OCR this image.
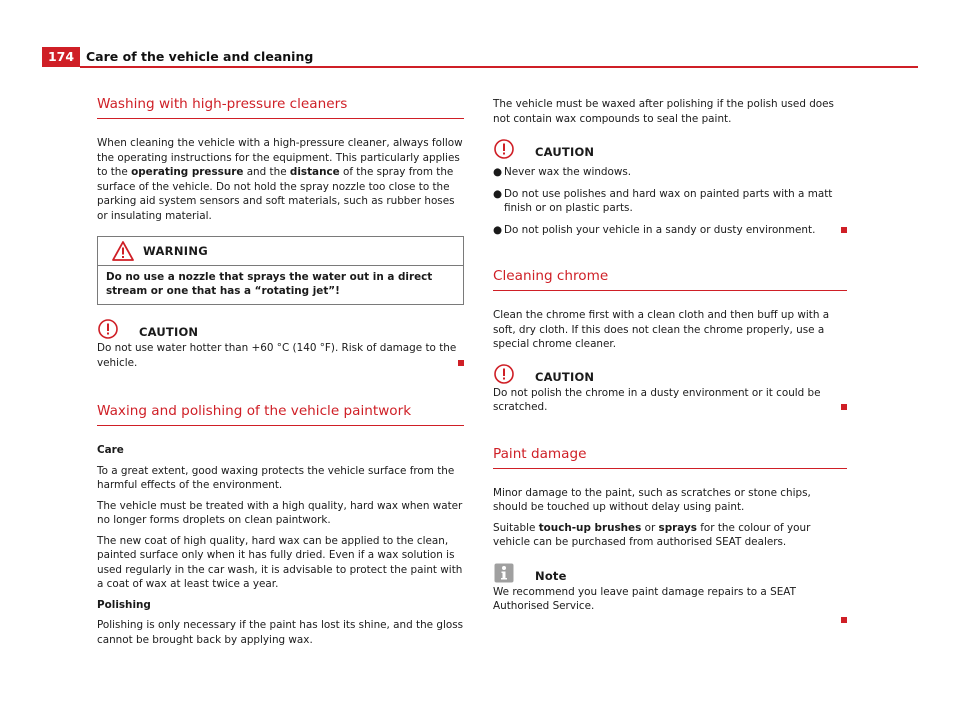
174 Care of the vehicle and cleaning
Washing with high-pressure cleaners

When cleaning the vehicle with a high-pressure cleaner, always follow the operating instructions for the equipment. This particularly applies to the operating pressure and the distance of the spray from the surface of the vehicle. Do not hold the spray nozzle too close to the parking aid system sensors and soft materials, such as rubber hoses or insulating material.

WARNING
Do no use a nozzle that sprays the water out in a direct stream or one that has a “rotating jet”!
CAUTION

Do not use water hotter than +60 °C (140 °F). Risk of damage to the vehicle.

Waxing and polishing of the vehicle paintwork
Care

To a great extent, good waxing protects the vehicle surface from the harmful effects of the environment.

The vehicle must be treated with a high quality, hard wax when water no longer forms droplets on clean paintwork.

The new coat of high quality, hard wax can be applied to the clean, painted surface only when it has fully dried. Even if a wax solution is used regularly in the car wash, it is advisable to protect the paint with a coat of wax at least twice a year.

Polishing

Polishing is only necessary if the paint has lost its shine, and the gloss cannot be brought back by applying wax.

The vehicle must be waxed after polishing if the polish used does not contain wax compounds to seal the paint.

CAUTION
● Never wax the windows.
● Do not use polishes and hard wax on painted parts with a matt finish or on plastic parts.
● Do not polish your vehicle in a sandy or dusty environment.
Cleaning chrome

Clean the chrome first with a clean cloth and then buff up with a soft, dry cloth. If this does not clean the chrome properly, use a special chrome cleaner.

CAUTION

Do not polish the chrome in a dusty environment or it could be scratched.

Paint damage

Minor damage to the paint, such as scratches or stone chips, should be touched up without delay using paint.

Suitable touch-up brushes or sprays for the colour of your vehicle can be purchased from authorised SEAT dealers.

Note

We recommend you leave paint damage repairs to a SEAT Authorised Service.
